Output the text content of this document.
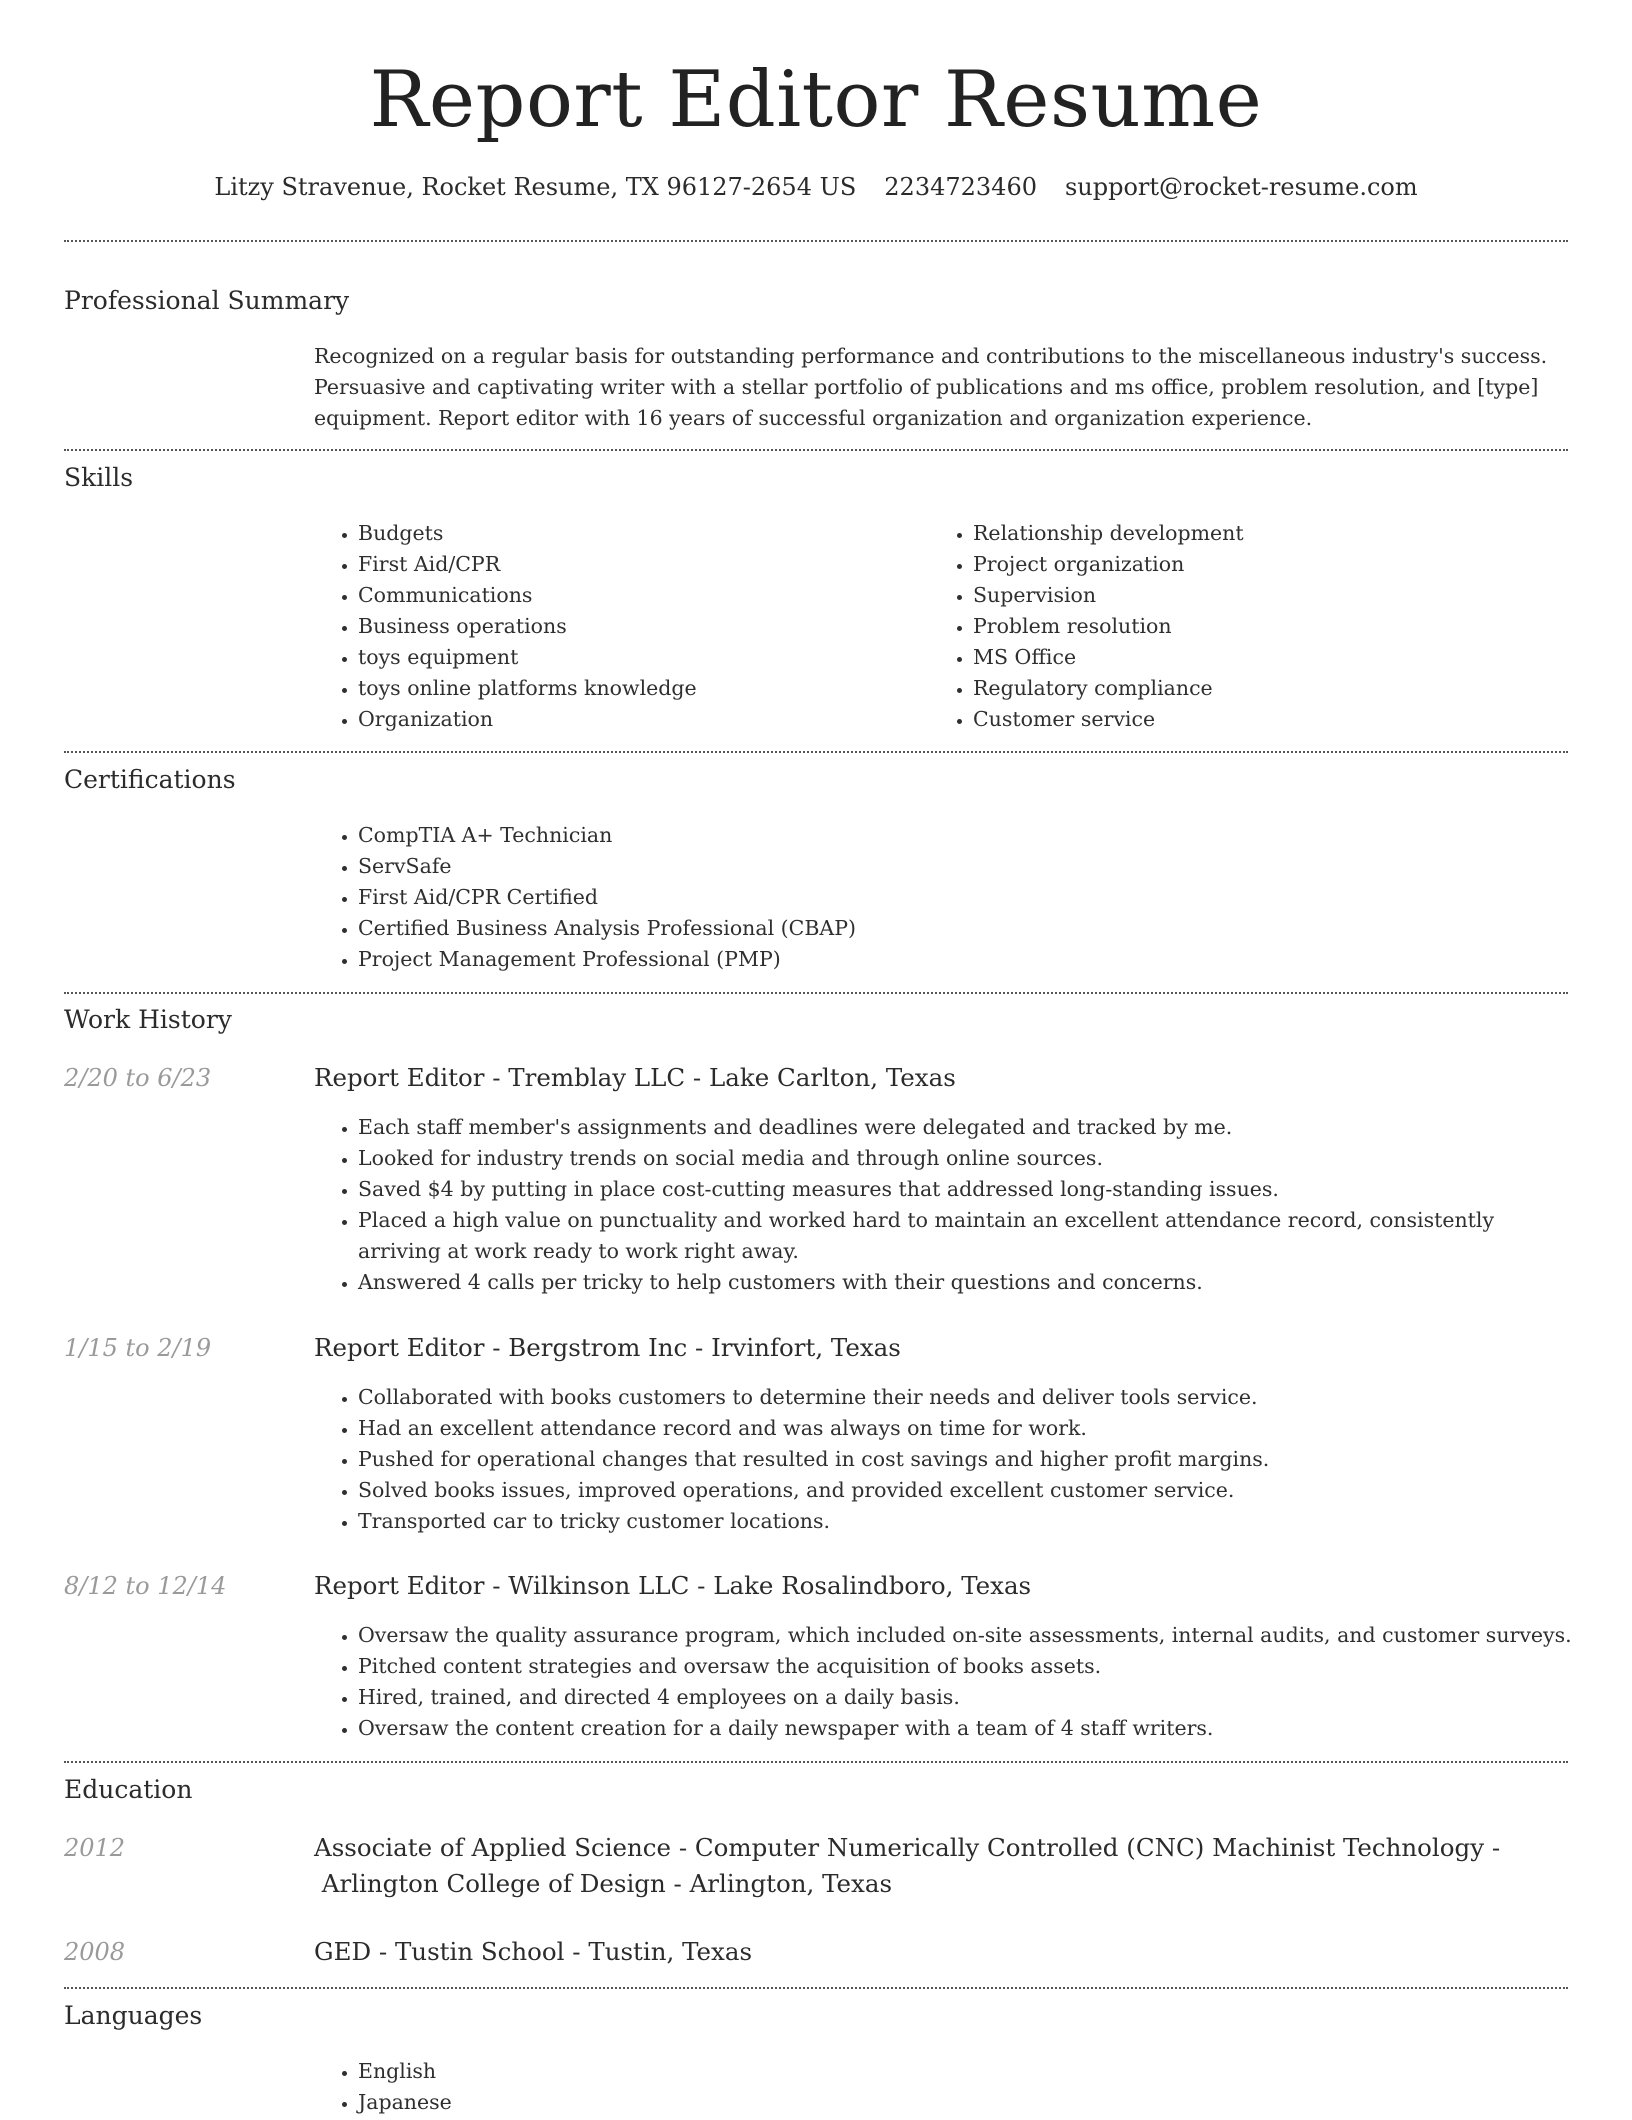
Report Editor Resume
Litzy Stravenue, Rocket Resume, TX 96127-2654 US 2234723460 support@rocket-resume.com
Professional Summary
Recognized on a regular basis for outstanding performance and contributions to the miscellaneous industry's success. Persuasive and captivating writer with a stellar portfolio of publications and ms office, problem resolution, and [type] equipment. Report editor with 16 years of successful organization and organization experience.
Skills
• Budgets
• First Aid/CPR
• Communications
• Business operations
• toys equipment
• toys online platforms knowledge
• Organization
• Relationship development
• Project organization
• Supervision
• Problem resolution
• MS Office
• Regulatory compliance
• Customer service
Certifications
• CompTIA A+ Technician
• ServSafe
• First Aid/CPR Certified
• Certified Business Analysis Professional (CBAP)
• Project Management Professional (PMP)
Work History
2/20 to 6/23	Report Editor - Tremblay LLC - Lake Carlton, Texas
• Each staff member's assignments and deadlines were delegated and tracked by me.
• Looked for industry trends on social media and through online sources.
• Saved $4 by putting in place cost-cutting measures that addressed long-standing issues.
• Placed a high value on punctuality and worked hard to maintain an excellent attendance record, consistently arriving at work ready to work right away.
• Answered 4 calls per tricky to help customers with their questions and concerns.
1/15 to 2/19	Report Editor - Bergstrom Inc - Irvinfort, Texas
• Collaborated with books customers to determine their needs and deliver tools service.
• Had an excellent attendance record and was always on time for work.
• Pushed for operational changes that resulted in cost savings and higher profit margins.
• Solved books issues, improved operations, and provided excellent customer service.
• Transported car to tricky customer locations.
8/12 to 12/14	Report Editor - Wilkinson LLC - Lake Rosalindboro, Texas
• Oversaw the quality assurance program, which included on-site assessments, internal audits, and customer surveys.
• Pitched content strategies and oversaw the acquisition of books assets.
• Hired, trained, and directed 4 employees on a daily basis.
• Oversaw the content creation for a daily newspaper with a team of 4 staff writers.
Education
2012	Associate of Applied Science - Computer Numerically Controlled (CNC) Machinist Technology -
Arlington College of Design - Arlington, Texas
2008	GED - Tustin School - Tustin, Texas
Languages
• English
• Japanese
